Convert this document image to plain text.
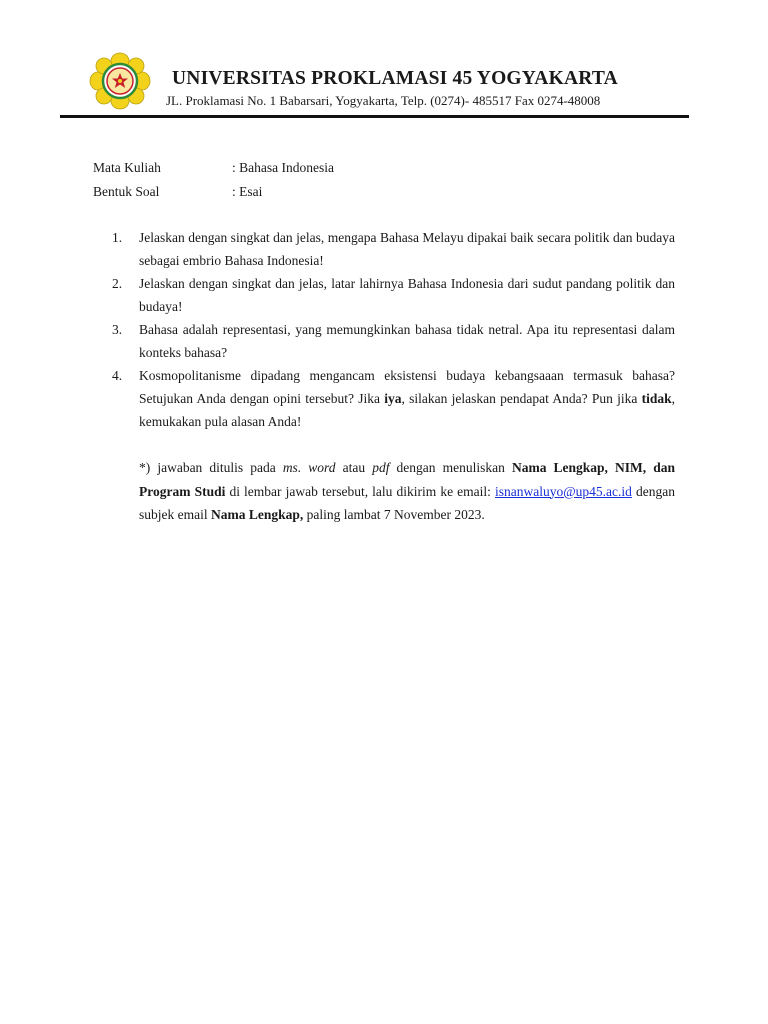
UNIVERSITAS PROKLAMASI 45 YOGYAKARTA
JL. Proklamasi No. 1 Babarsari, Yogyakarta, Telp. (0274)- 485517 Fax 0274-48008
Mata Kuliah	: Bahasa Indonesia
Bentuk Soal	: Esai
1.	Jelaskan dengan singkat dan jelas, mengapa Bahasa Melayu dipakai baik secara politik dan budaya sebagai embrio Bahasa Indonesia!
2.	Jelaskan dengan singkat dan jelas, latar lahirnya Bahasa Indonesia dari sudut pandang politik dan budaya!
3.	Bahasa adalah representasi, yang memungkinkan bahasa tidak netral. Apa itu representasi dalam konteks bahasa?
4.	Kosmopolitanisme dipadang mengancam eksistensi budaya kebangsaaan termasuk bahasa? Setujukan Anda dengan opini tersebut? Jika iya, silakan jelaskan pendapat Anda? Pun jika tidak, kemukakan pula alasan Anda!
*) jawaban ditulis pada ms. word atau pdf dengan menuliskan Nama Lengkap, NIM, dan Program Studi di lembar jawab tersebut, lalu dikirim ke email: isnanwaluyo@up45.ac.id dengan subjek email Nama Lengkap, paling lambat 7 November 2023.
